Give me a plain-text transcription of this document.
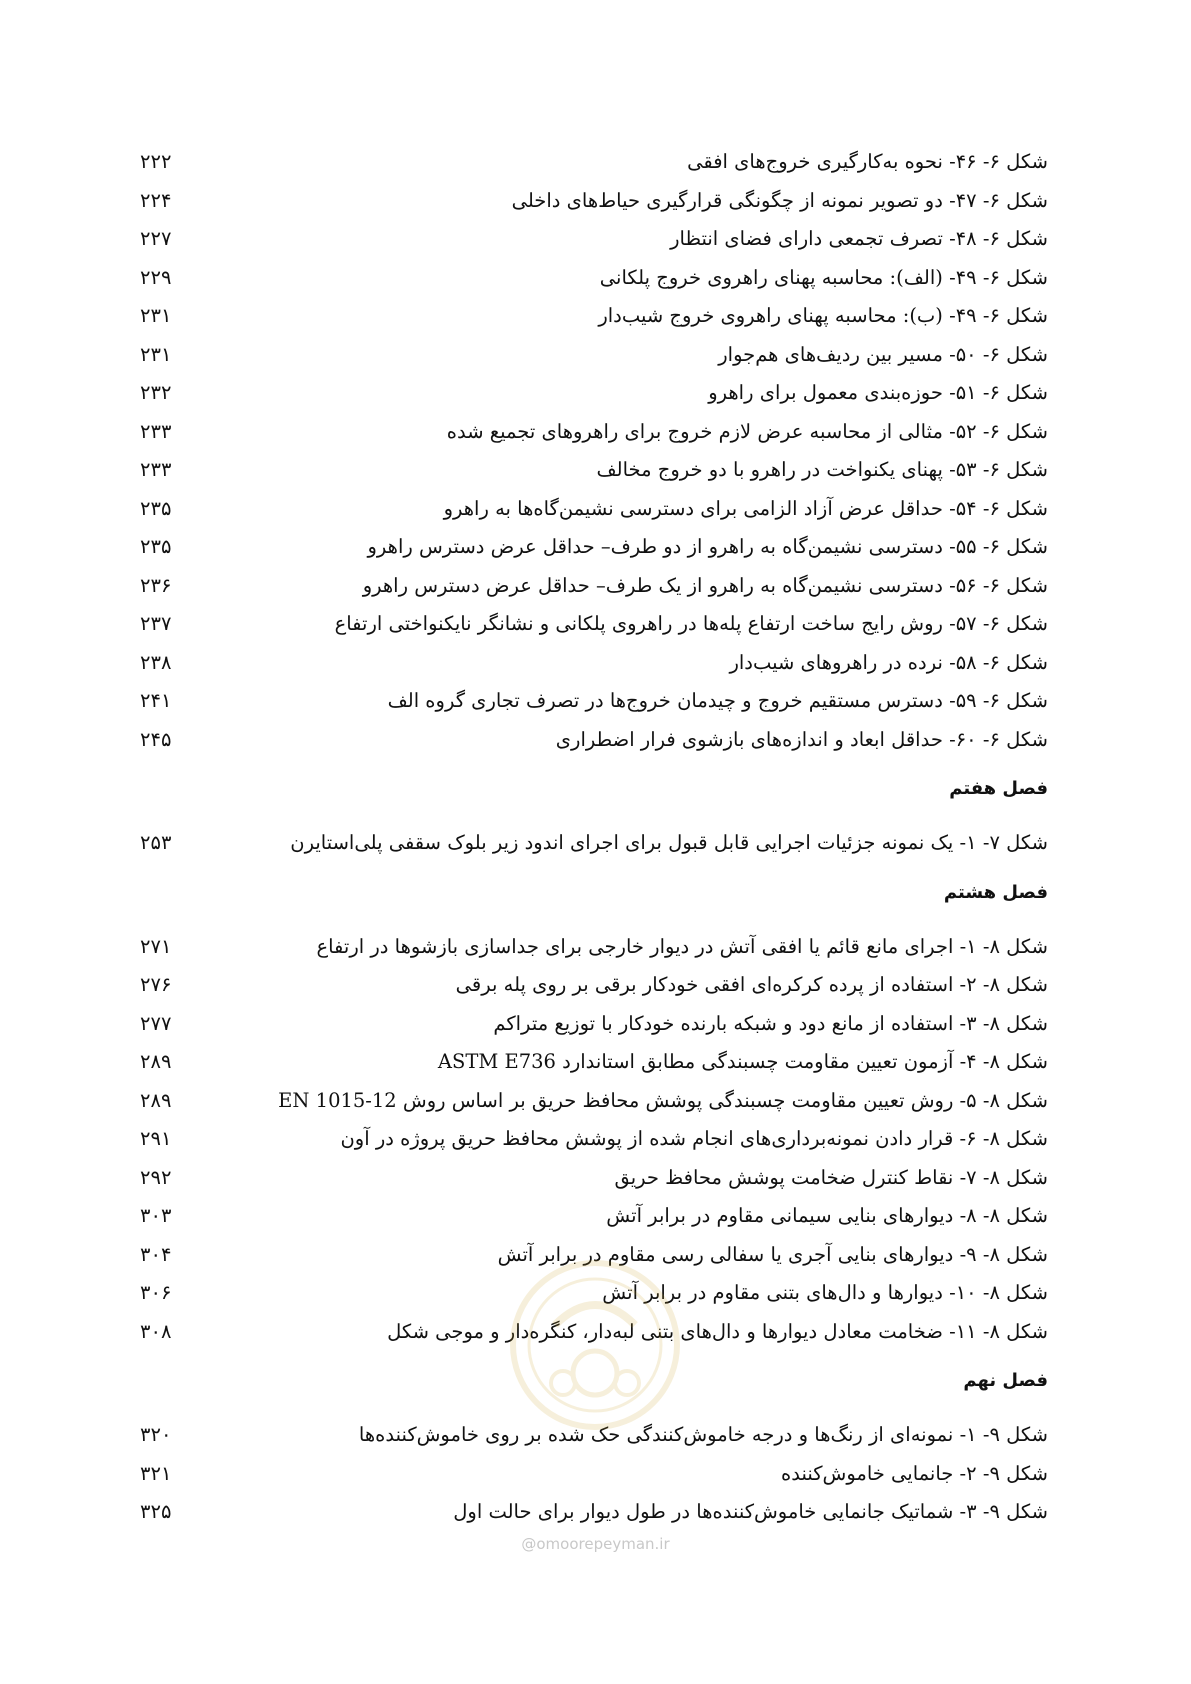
شکل ۶- ۴۶- نحوه به‌کارگیری خروج‌های افقی
۲۲۲
شکل ۶- ۴۷- دو تصویر نمونه از چگونگی قرارگیری حیاط‌های داخلی
۲۲۴
شکل ۶- ۴۸- تصرف تجمعی دارای فضای انتظار
۲۲۷
شکل ۶- ۴۹- (الف): محاسبه پهنای راهروی خروج پلکانی
۲۲۹
شکل ۶- ۴۹- (ب): محاسبه پهنای راهروی خروج شیب‌دار
۲۳۱
شکل ۶- ۵۰- مسیر بین ردیف‌های هم‌جوار
۲۳۱
شکل ۶- ۵۱- حوزه‌بندی معمول برای راهرو
۲۳۲
شکل ۶- ۵۲- مثالی از محاسبه عرض لازم خروج برای راهروهای تجمیع شده
۲۳۳
شکل ۶- ۵۳- پهنای یکنواخت در راهرو با دو خروج مخالف
۲۳۳
شکل ۶- ۵۴- حداقل عرض آزاد الزامی برای دسترسی نشیمن‌گاه‌ها به راهرو
۲۳۵
شکل ۶- ۵۵- دسترسی نشیمن‌گاه به راهرو از دو طرف– حداقل عرض دسترس راهرو
۲۳۵
شکل ۶- ۵۶- دسترسی نشیمن‌گاه به راهرو از یک طرف– حداقل عرض دسترس راهرو
۲۳۶
شکل ۶- ۵۷- روش رایج ساخت ارتفاع پله‌ها در راهروی پلکانی و نشانگر نایکنواختی ارتفاع
۲۳۷
شکل ۶- ۵۸- نرده در راهروهای شیب‌دار
۲۳۸
شکل ۶- ۵۹- دسترس مستقیم خروج و چیدمان خروج‌ها در تصرف تجاری گروه الف
۲۴۱
شکل ۶- ۶۰- حداقل ابعاد و اندازه‌های بازشوی فرار اضطراری
۲۴۵
فصل هفتم
شکل ۷- ۱- یک نمونه جزئیات اجرایی قابل قبول برای اجرای اندود زیر بلوک سقفی پلی‌استایرن
۲۵۳
فصل هشتم
شکل ۸- ۱- اجرای مانع قائم یا افقی آتش در دیوار خارجی برای جداسازی بازشوها در ارتفاع
۲۷۱
شکل ۸- ۲- استفاده از پرده کرکره‌ای افقی خودکار برقی بر روی پله برقی
۲۷۶
شکل ۸- ۳- استفاده از مانع دود و شبکه بارنده خودکار با توزیع متراکم
۲۷۷
شکل ۸- ۴- آزمون تعیین مقاومت چسبندگی مطابق استاندارد ASTM E736
۲۸۹
شکل ۸- ۵- روش تعیین مقاومت چسبندگی پوشش محافظ حریق بر اساس روش EN 1015-12
۲۸۹
شکل ۸- ۶- قرار دادن نمونه‌برداری‌های انجام شده از پوشش محافظ حریق پروژه در آون
۲۹۱
شکل ۸- ۷- نقاط کنترل ضخامت پوشش محافظ حریق
۲۹۲
شکل ۸- ۸- دیوارهای بنایی سیمانی مقاوم در برابر آتش
۳۰۳
شکل ۸- ۹- دیوارهای بنایی آجری یا سفالی رسی مقاوم در برابر آتش
۳۰۴
شکل ۸- ۱۰- دیوارها و دال‌های بتنی مقاوم در برابر آتش
۳۰۶
شکل ۸- ۱۱- ضخامت معادل دیوارها و دال‌های بتنی لبه‌دار، کنگره‌دار و موجی شکل
۳۰۸
فصل نهم
شکل ۹- ۱- نمونه‌ای از رنگ‌ها و درجه خاموش‌کنندگی حک شده بر روی خاموش‌کننده‌ها
۳۲۰
شکل ۹- ۲- جانمایی خاموش‌کننده
۳۲۱
شکل ۹- ۳- شماتیک جانمایی خاموش‌کننده‌ها در طول دیوار برای حالت اول
۳۲۵
@omoorepeyman.ir
